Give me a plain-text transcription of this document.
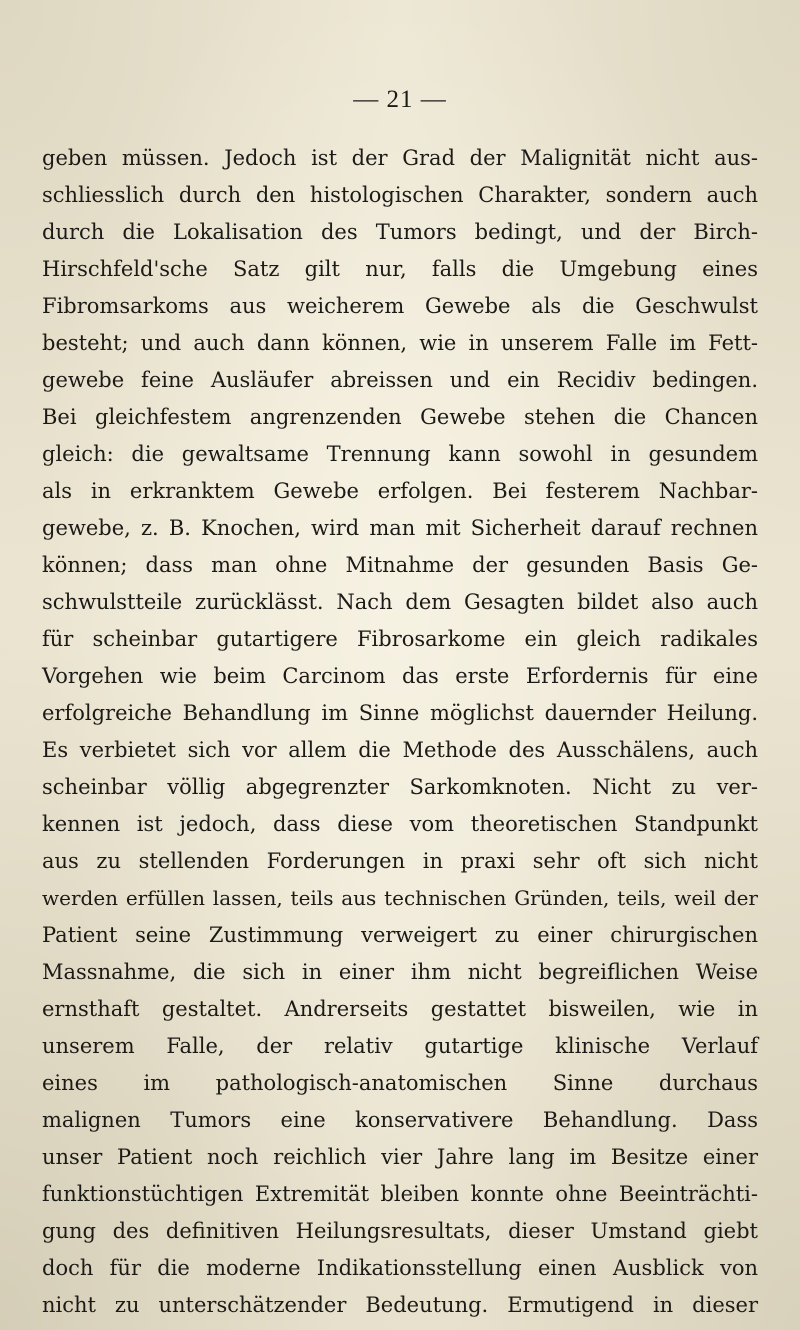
— 21 —

geben müssen. Jedoch ist der Grad der Malignität nicht aus-
schliesslich durch den histologischen Charakter, sondern auch
durch die Lokalisation des Tumors bedingt, und der Birch-
Hirschfeld'sche Satz gilt nur, falls die Umgebung eines
Fibromsarkoms aus weicherem Gewebe als die Geschwulst
besteht; und auch dann können, wie in unserem Falle im Fett-
gewebe feine Ausläufer abreissen und ein Recidiv bedingen.
Bei gleichfestem angrenzenden Gewebe stehen die Chancen
gleich: die gewaltsame Trennung kann sowohl in gesundem
als in erkranktem Gewebe erfolgen. Bei festerem Nachbar-
gewebe, z. B. Knochen, wird man mit Sicherheit darauf rechnen
können; dass man ohne Mitnahme der gesunden Basis Ge-
schwulstteile zurücklässt. Nach dem Gesagten bildet also auch
für scheinbar gutartigere Fibrosarkome ein gleich radikales
Vorgehen wie beim Carcinom das erste Erfordernis für eine
erfolgreiche Behandlung im Sinne möglichst dauernder Heilung.
Es verbietet sich vor allem die Methode des Ausschälens, auch
scheinbar völlig abgegrenzter Sarkomknoten. Nicht zu ver-
kennen ist jedoch, dass diese vom theoretischen Standpunkt
aus zu stellenden Forderungen in praxi sehr oft sich nicht
werden erfüllen lassen, teils aus technischen Gründen, teils, weil der
Patient seine Zustimmung verweigert zu einer chirurgischen
Massnahme, die sich in einer ihm nicht begreiflichen Weise
ernsthaft gestaltet. Andrerseits gestattet bisweilen, wie in
unserem Falle, der relativ gutartige klinische Verlauf
eines im pathologisch-anatomischen Sinne durchaus
malignen Tumors eine konservativere Behandlung. Dass
unser Patient noch reichlich vier Jahre lang im Besitze einer
funktionstüchtigen Extremität bleiben konnte ohne Beeinträchti-
gung des definitiven Heilungsresultats, dieser Umstand giebt
doch für die moderne Indikationsstellung einen Ausblick von
nicht zu unterschätzender Bedeutung. Ermutigend in dieser
